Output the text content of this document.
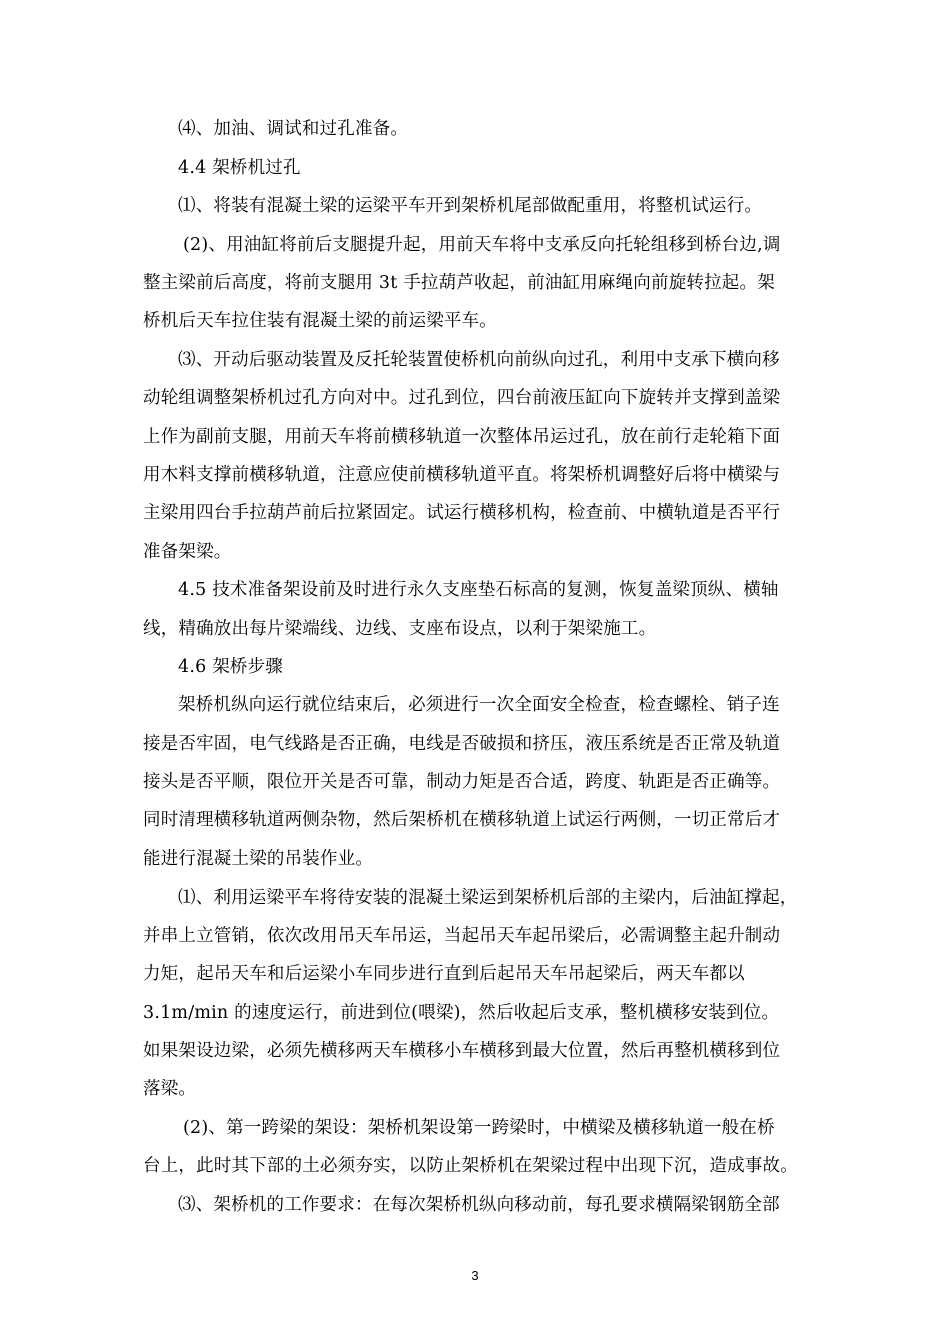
⑷、加油、调试和过孔准备。
4.4 架桥机过孔
⑴、将装有混凝土梁的运梁平车开到架桥机尾部做配重用，将整机试运行。
(2)、用油缸将前后支腿提升起，用前天车将中支承反向托轮组移到桥台边,调
整主梁前后高度，将前支腿用 3t 手拉葫芦收起，前油缸用麻绳向前旋转拉起。架
桥机后天车拉住装有混凝土梁的前运梁平车。
⑶、开动后驱动装置及反托轮装置使桥机向前纵向过孔，利用中支承下横向移
动轮组调整架桥机过孔方向对中。过孔到位，四台前液压缸向下旋转并支撑到盖梁
上作为副前支腿，用前天车将前横移轨道一次整体吊运过孔，放在前行走轮箱下面
用木料支撑前横移轨道，注意应使前横移轨道平直。将架桥机调整好后将中横梁与
主梁用四台手拉葫芦前后拉紧固定。试运行横移机构，检查前、中横轨道是否平行
准备架梁。
4.5 技术准备架设前及时进行永久支座垫石标高的复测，恢复盖梁顶纵、横轴
线，精确放出每片梁端线、边线、支座布设点，以利于架梁施工。
4.6 架桥步骤
架桥机纵向运行就位结束后，必须进行一次全面安全检查，检查螺栓、销子连
接是否牢固，电气线路是否正确，电线是否破损和挤压，液压系统是否正常及轨道
接头是否平顺，限位开关是否可靠，制动力矩是否合适，跨度、轨距是否正确等。
同时清理横移轨道两侧杂物，然后架桥机在横移轨道上试运行两侧，一切正常后才
能进行混凝土梁的吊装作业。
⑴、利用运梁平车将待安装的混凝土梁运到架桥机后部的主梁内，后油缸撑起，
并串上立管销，依次改用吊天车吊运，当起吊天车起吊梁后，必需调整主起升制动
力矩，起吊天车和后运梁小车同步进行直到后起吊天车吊起梁后，两天车都以
3.1m/min 的速度运行，前进到位(喂梁)，然后收起后支承，整机横移安装到位。
如果架设边梁，必须先横移两天车横移小车横移到最大位置，然后再整机横移到位
落梁。
(2)、第一跨梁的架设：架桥机架设第一跨梁时，中横梁及横移轨道一般在桥
台上，此时其下部的土必须夯实，以防止架桥机在架梁过程中出现下沉，造成事故。
⑶、架桥机的工作要求：在每次架桥机纵向移动前，每孔要求横隔梁钢筋全部
3
